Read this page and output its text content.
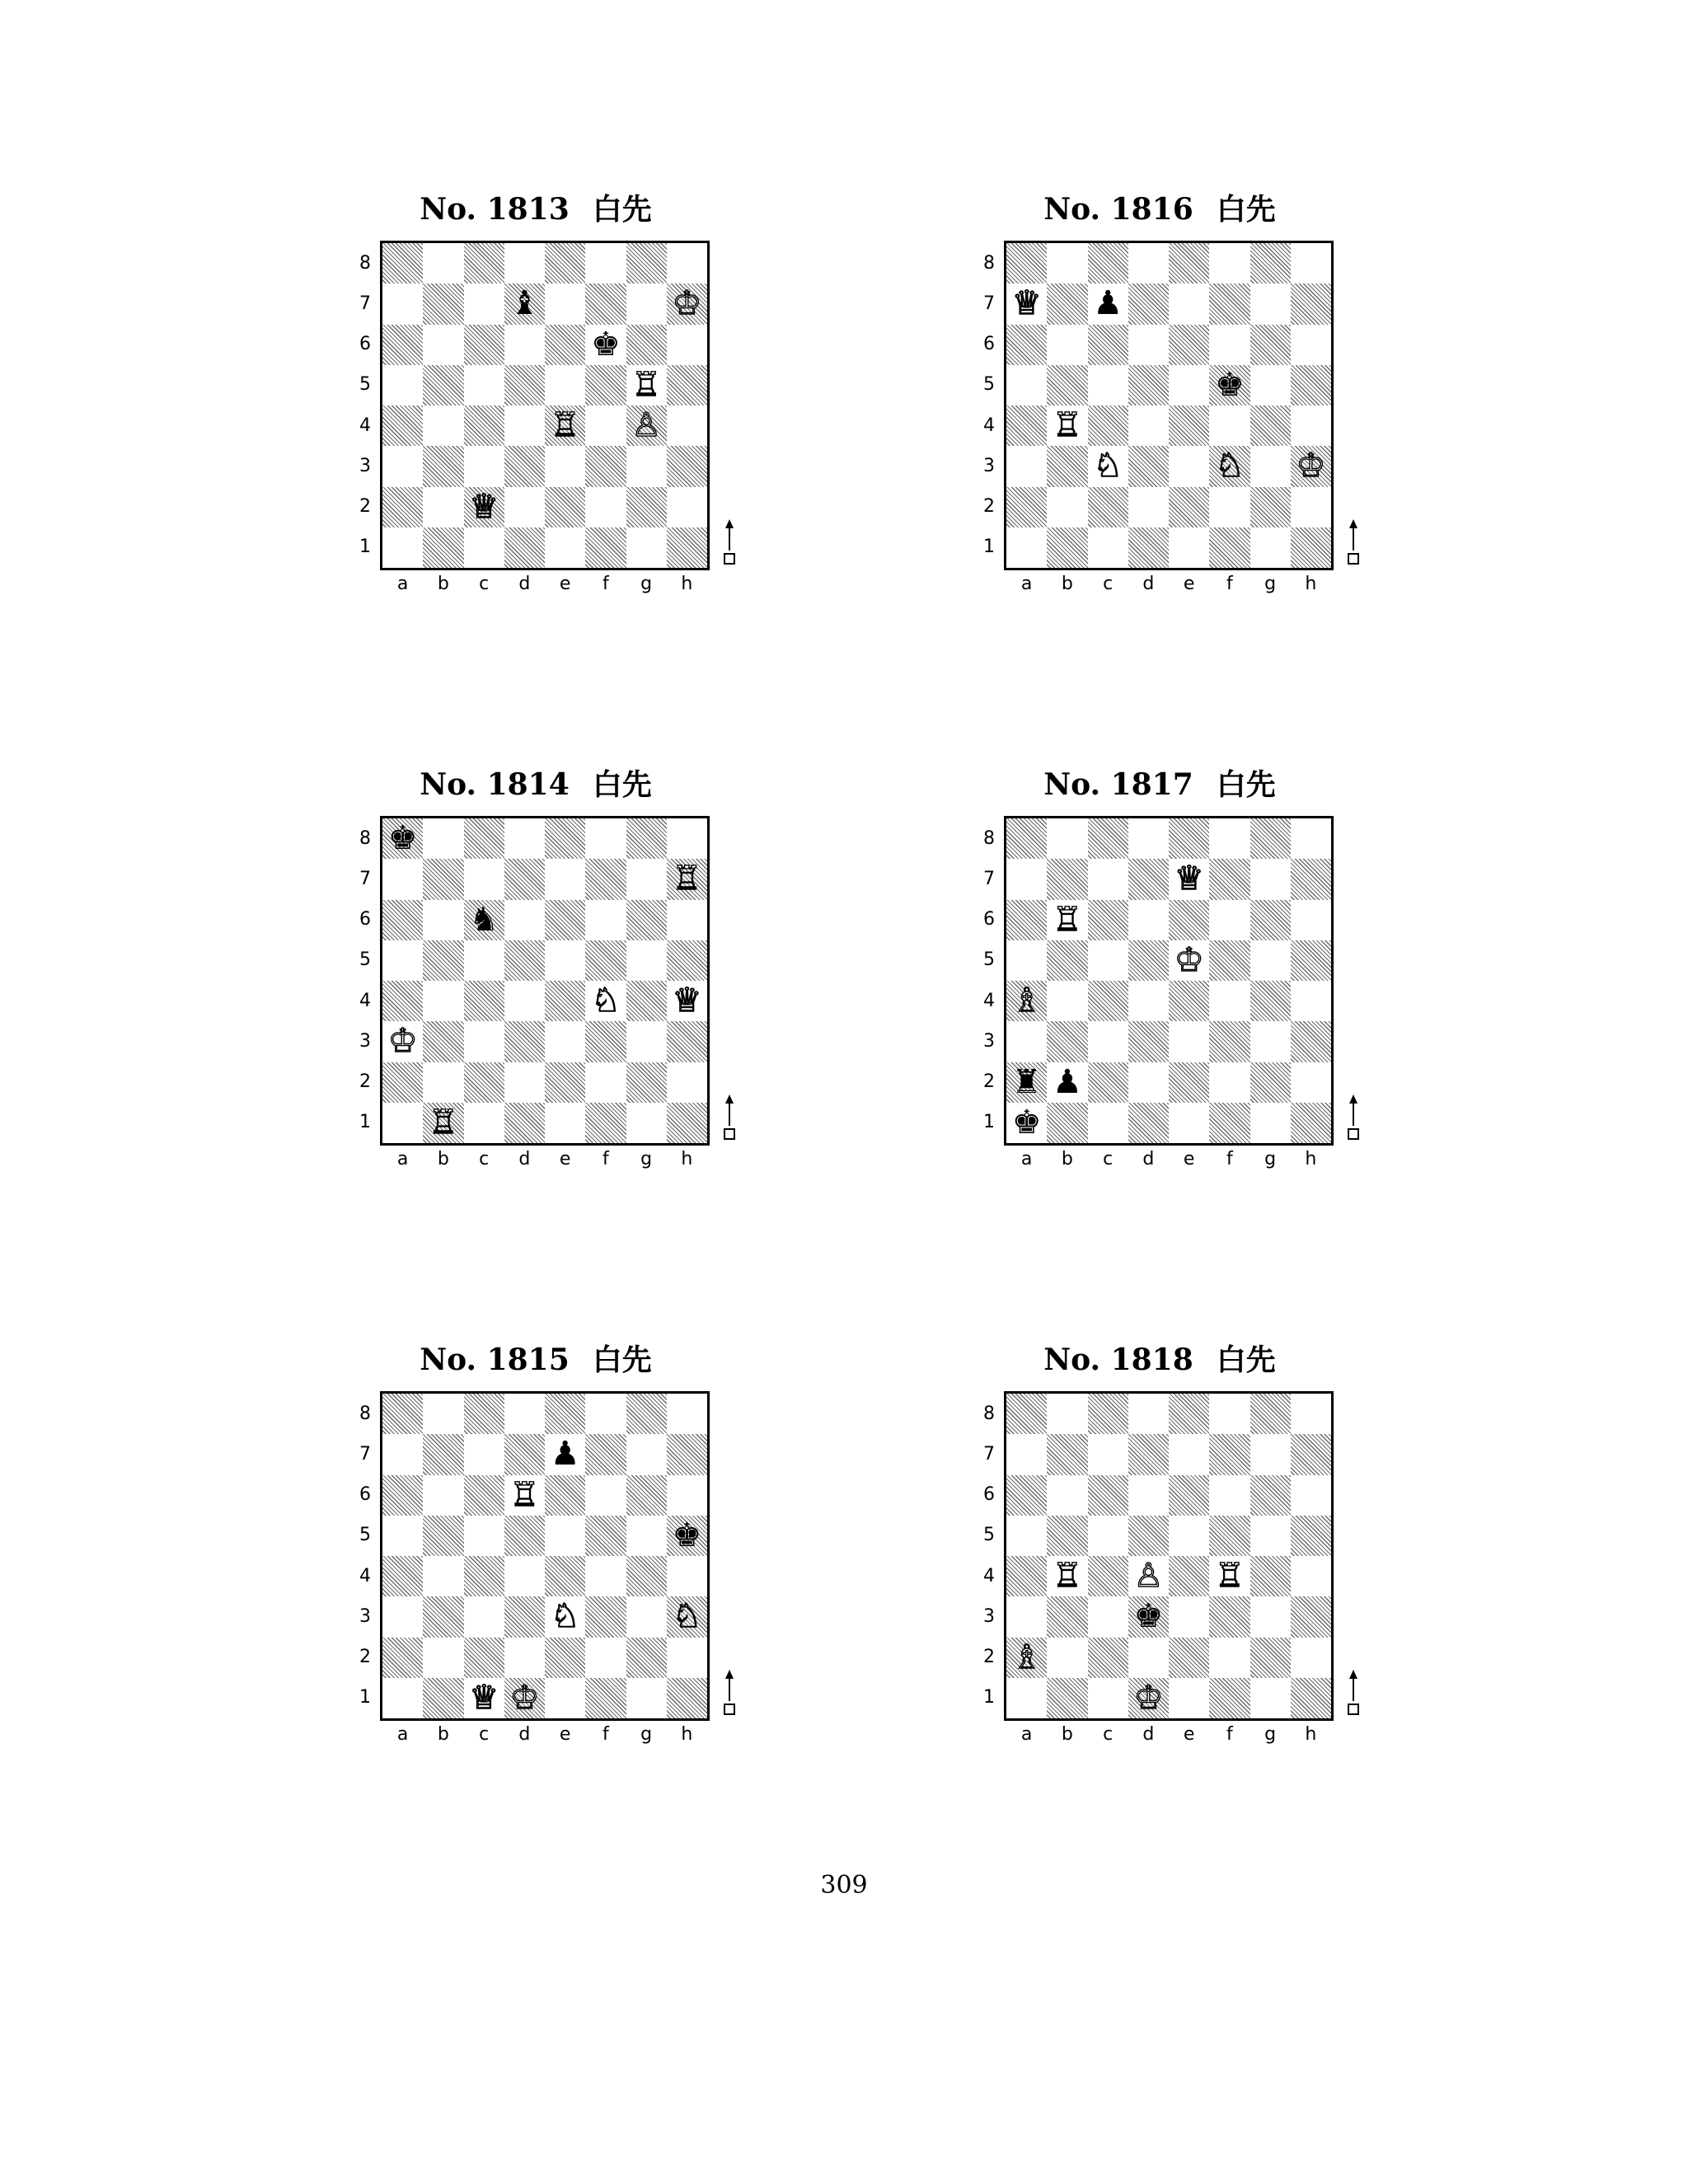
No. 1813 白先
♝	♔
♚
♖
♖ ♙
♕
8
7
6
5
4
3
2
1
a b c d e f g h
No. 1816 白先
♕ ♟
♚
♖
♘	♘ ♔
8
7
6
5
4
3
2
1
a b c d e f g h
No. 1814 白先
♚
♖
♞
♘ ♕
♔
♖
8
7
6
5
4
3
2
1
a b c d e f g h
No. 1817 白先
♕
♖
♔
♗
♜ ♟
♚
8
7
6
5
4
3
2
1
a b c d e f g h
No. 1815 白先
♟
♖
♚
♘	♘
♕ ♔
8
7
6
5
4
3
2
1
a b c d e f g h
No. 1818 白先
♖ ♙ ♖
♚
♗
♔
8
7
6
5
4
3
2
1
a b c d e f g h
309
